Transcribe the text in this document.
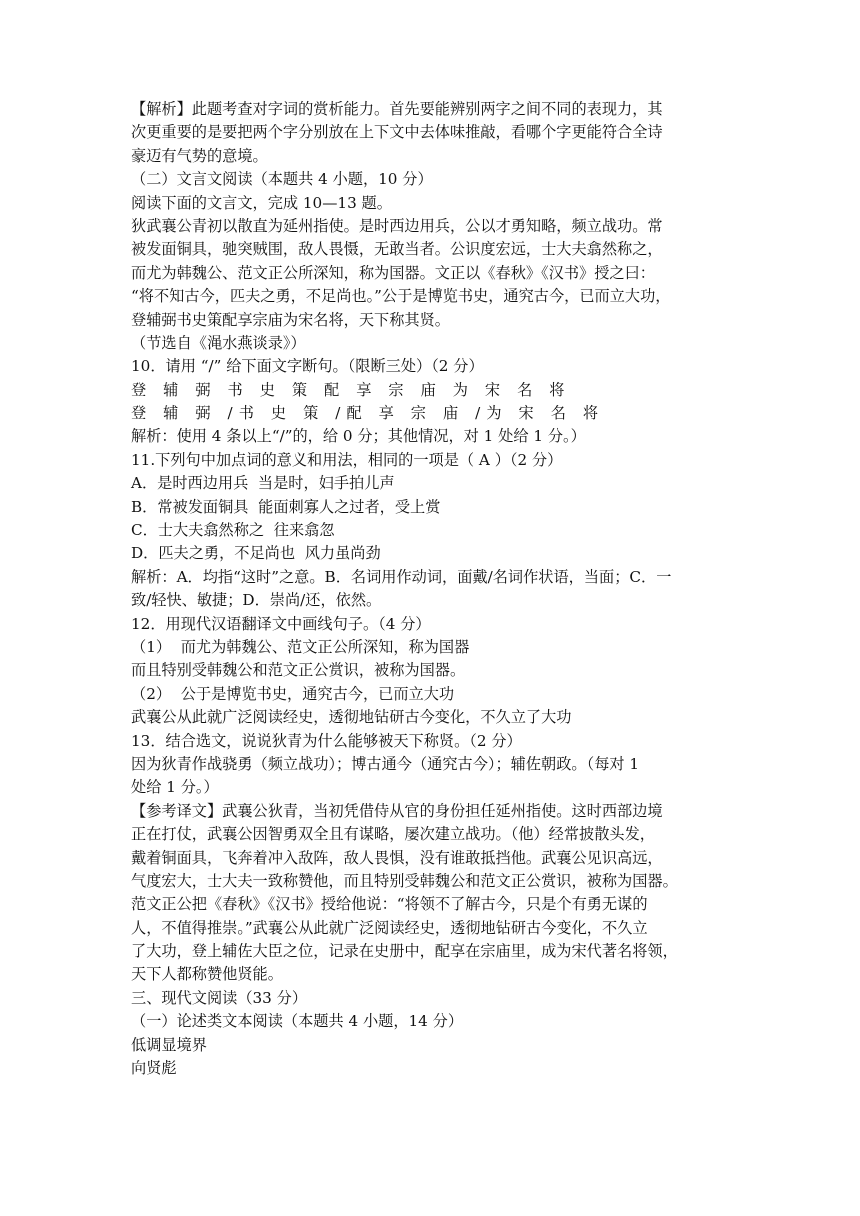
【解析】此题考查对字词的赏析能力。首先要能辨别两字之间不同的表现力，其
次更重要的是要把两个字分别放在上下文中去体味推敲，看哪个字更能符合全诗
豪迈有气势的意境。
（二）文言文阅读（本题共 4 小题，10 分）
阅读下面的文言文，完成 10—13 题。
狄武襄公青初以散直为延州指使。是时西边用兵，公以才勇知略，频立战功。常
被发面铜具，驰突贼围，敌人畏慑，无敢当者。公识度宏远，士大夫翕然称之，
而尤为韩魏公、范文正公所深知，称为国器。文正以《春秋》《汉书》授之曰：
“将不知古今，匹夫之勇，不足尚也。”公于是博览书史，通究古今，已而立大功，
登辅弼书史策配享宗庙为宋名将，天下称其贤。
（节选自《渑水燕谈录》）
10．请用 “/” 给下面文字断句。（限断三处）（2 分）
登 辅 弼 书 史 策 配 享 宗 庙 为 宋 名 将
登 辅 弼 /书 史 策 /配 享 宗 庙 /为 宋 名 将
解析：使用 4 条以上“/”的，给 0 分；其他情况，对 1 处给 1 分。）
11.下列句中加点词的意义和用法，相同的一项是（ A ）（2 分）
A．是时西边用兵  当是时，妇手拍儿声
B．常被发面铜具  能面刺寡人之过者，受上赏
C．士大夫翕然称之  往来翕忽
D．匹夫之勇，不足尚也  风力虽尚劲
解析：A．均指“这时”之意。B．名词用作动词，面戴/名词作状语，当面；C．一
致/轻快、敏捷；D．崇尚/还，依然。
12．用现代汉语翻译文中画线句子。（4 分）
（1）  而尤为韩魏公、范文正公所深知，称为国器
而且特别受韩魏公和范文正公赏识，被称为国器。
（2）  公于是博览书史，通究古今，已而立大功
武襄公从此就广泛阅读经史，透彻地钻研古今变化，不久立了大功
13．结合选文，说说狄青为什么能够被天下称贤。（2 分）
因为狄青作战骁勇（频立战功）；博古通今（通究古今）；辅佐朝政。（每对 1
处给 1 分。）
【参考译文】武襄公狄青，当初凭借侍从官的身份担任延州指使。这时西部边境
正在打仗，武襄公因智勇双全且有谋略，屡次建立战功。（他）经常披散头发，
戴着铜面具，飞奔着冲入敌阵，敌人畏惧，没有谁敢抵挡他。武襄公见识高远，
气度宏大，士大夫一致称赞他，而且特别受韩魏公和范文正公赏识，被称为国器。
范文正公把《春秋》《汉书》授给他说：“将领不了解古今，只是个有勇无谋的
人，不值得推崇。”武襄公从此就广泛阅读经史，透彻地钻研古今变化，不久立
了大功，登上辅佐大臣之位，记录在史册中，配享在宗庙里，成为宋代著名将领，
天下人都称赞他贤能。
三、现代文阅读（33 分）
（一）论述类文本阅读（本题共 4 小题，14 分）
低调显境界
向贤彪
